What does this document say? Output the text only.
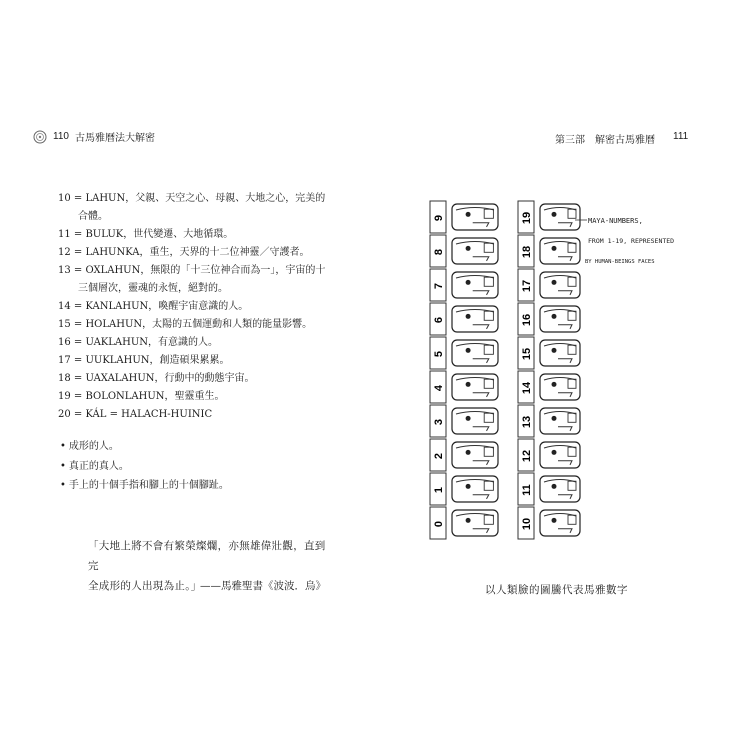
110 古馬雅曆法大解密	第三部　解密古馬雅曆 111
10 = LAHUN，父親、天空之心、母親、大地之心，完美的
合體。
11 = BULUK，世代變遷、大地循環。
12 = LAHUNKA，重生，天界的十二位神靈／守護者。
13 = OXLAHUN，無限的「十三位神合而為一」，宇宙的十
三個層次，靈魂的永恆，絕對的。
14 = KANLAHUN，喚醒宇宙意識的人。
15 = HOLAHUN，太陽的五個運動和人類的能量影響。
16 = UAKLAHUN，有意識的人。
17 = UUKLAHUN，創造碩果累累。
18 = UAXALAHUN，行動中的動態宇宙。
19 = BOLONLAHUN，聖靈重生。
20 = KÁL = HALACH-HUINIC
• 成形的人。
• 真正的真人。
• 手上的十個手指和腳上的十個腳趾。
「大地上將不會有繁榮燦爛，亦無雄偉壯觀，直到完
全成形的人出現為止。」
——馬雅聖書《波波．烏》
9
8
7
6
5
4
3
2
1
0
19
18
17
16
15
14
13
12
11
10
MAYA-NUMBERS,
FROM 1-19, REPRESENTED
BY HUMAN-BEINGS FACES
以人類臉的圖騰代表馬雅數字
